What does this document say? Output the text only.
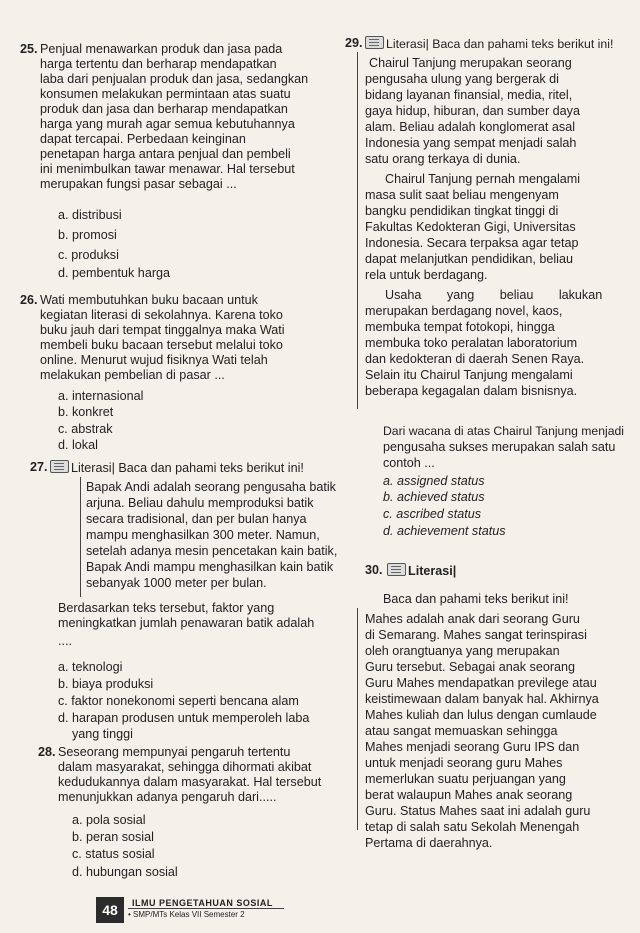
25. Penjual menawarkan produk dan jasa pada
harga tertentu dan berharap mendapatkan
laba dari penjualan produk dan jasa, sedangkan
konsumen melakukan permintaan atas suatu
produk dan jasa dan berharap mendapatkan
harga yang murah agar semua kebutuhannya
dapat tercapai. Perbedaan keinginan
penetapan harga antara penjual dan pembeli
ini menimbulkan tawar menawar. Hal tersebut
merupakan fungsi pasar sebagai ...
a. distribusi
b. promosi
c. produksi
d. pembentuk harga
26. Wati membutuhkan buku bacaan untuk
kegiatan literasi di sekolahnya. Karena toko
buku jauh dari tempat tinggalnya maka Wati
membeli buku bacaan tersebut melalui toko
online. Menurut wujud fisiknya Wati telah
melakukan pembelian di pasar ...
a. internasional
b. konkret
c. abstrak
d. lokal
27.	Literasi| Baca dan pahami teks berikut ini!
Bapak Andi adalah seorang pengusaha batik
arjuna. Beliau dahulu memproduksi batik
secara tradisional, dan per bulan hanya
mampu menghasilkan 300 meter. Namun,
setelah adanya mesin pencetakan kain batik,
Bapak Andi mampu menghasilkan kain batik
sebanyak 1000 meter per bulan.
Berdasarkan teks tersebut, faktor yang
meningkatkan jumlah penawaran batik adalah
....
a. teknologi
b. biaya produksi
c. faktor nonekonomi seperti bencana alam
d. harapan produsen untuk memperoleh laba
yang tinggi
28. Seseorang mempunyai pengaruh tertentu
dalam masyarakat, sehingga dihormati akibat
kedudukannya dalam masyarakat. Hal tersebut
menunjukkan adanya pengaruh dari.....
a. pola sosial
b. peran sosial
c. status sosial
d. hubungan sosial
48	ILMU PENGETAHUAN SOSIAL
• SMP/MTs Kelas VII Semester 2
29.	Literasi| Baca dan pahami teks berikut ini!
Chairul Tanjung merupakan seorang
pengusaha ulung yang bergerak di
bidang layanan finansial, media, ritel,
gaya hidup, hiburan, dan sumber daya
alam. Beliau adalah konglomerat asal
Indonesia yang sempat menjadi salah
satu orang terkaya di dunia.
Chairul Tanjung pernah mengalami
masa sulit saat beliau mengenyam
bangku pendidikan tingkat tinggi di
Fakultas Kedokteran Gigi, Universitas
Indonesia. Secara terpaksa agar tetap
dapat melanjutkan pendidikan, beliau
rela untuk berdagang.
Usaha yang beliau lakukan
merupakan berdagang novel, kaos,
membuka tempat fotokopi, hingga
membuka toko peralatan laboratorium
dan kedokteran di daerah Senen Raya.
Selain itu Chairul Tanjung mengalami
beberapa kegagalan dalam bisnisnya.
Dari wacana di atas Chairul Tanjung menjadi
pengusaha sukses merupakan salah satu
contoh ...
a. assigned status
b. achieved status
c. ascribed status
d. achievement status
30.	Literasi|
Baca dan pahami teks berikut ini!
Mahes adalah anak dari seorang Guru
di Semarang. Mahes sangat terinspirasi
oleh orangtuanya yang merupakan
Guru tersebut. Sebagai anak seorang
Guru Mahes mendapatkan previlege atau
keistimewaan dalam banyak hal. Akhirnya
Mahes kuliah dan lulus dengan cumlaude
atau sangat memuaskan sehingga
Mahes menjadi seorang Guru IPS dan
untuk menjadi seorang guru Mahes
memerlukan suatu perjuangan yang
berat walaupun Mahes anak seorang
Guru. Status Mahes saat ini adalah guru
tetap di salah satu Sekolah Menengah
Pertama di daerahnya.
